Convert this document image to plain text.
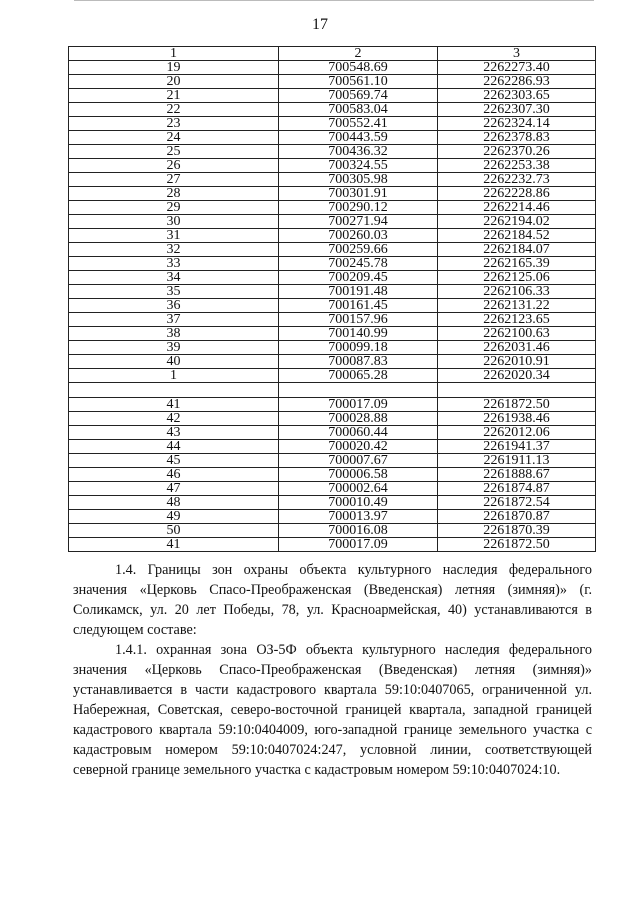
17
1	2	3
19	700548.69	2262273.40
20	700561.10	2262286.93
21	700569.74	2262303.65
22	700583.04	2262307.30
23	700552.41	2262324.14
24	700443.59	2262378.83
25	700436.32	2262370.26
26	700324.55	2262253.38
27	700305.98	2262232.73
28	700301.91	2262228.86
29	700290.12	2262214.46
30	700271.94	2262194.02
31	700260.03	2262184.52
32	700259.66	2262184.07
33	700245.78	2262165.39
34	700209.45	2262125.06
35	700191.48	2262106.33
36	700161.45	2262131.22
37	700157.96	2262123.65
38	700140.99	2262100.63
39	700099.18	2262031.46
40	700087.83	2262010.91
1	700065.28	2262020.34

41	700017.09	2261872.50
42	700028.88	2261938.46
43	700060.44	2262012.06
44	700020.42	2261941.37
45	700007.67	2261911.13
46	700006.58	2261888.67
47	700002.64	2261874.87
48	700010.49	2261872.54
49	700013.97	2261870.87
50	700016.08	2261870.39
41	700017.09	2261872.50

1.4. Границы зон охраны объекта культурного наследия федерального значения «Церковь Спасо-Преображенская (Введенская) летняя (зимняя)» (г. Соликамск, ул. 20 лет Победы, 78, ул. Красноармейская, 40) устанавливаются в следующем составе:

1.4.1. охранная зона ОЗ-5Ф объекта культурного наследия федерального значения «Церковь Спасо-Преображенская (Введенская) летняя (зимняя)» устанавливается в части кадастрового квартала 59:10:0407065, ограниченной ул. Набережная, Советская, северо-восточной границей квартала, западной границей кадастрового квартала 59:10:0404009, юго-западной границе земельного участка с кадастровым номером 59:10:0407024:247, условной линии, соответствующей северной границе земельного участка с кадастровым номером 59:10:0407024:10.
